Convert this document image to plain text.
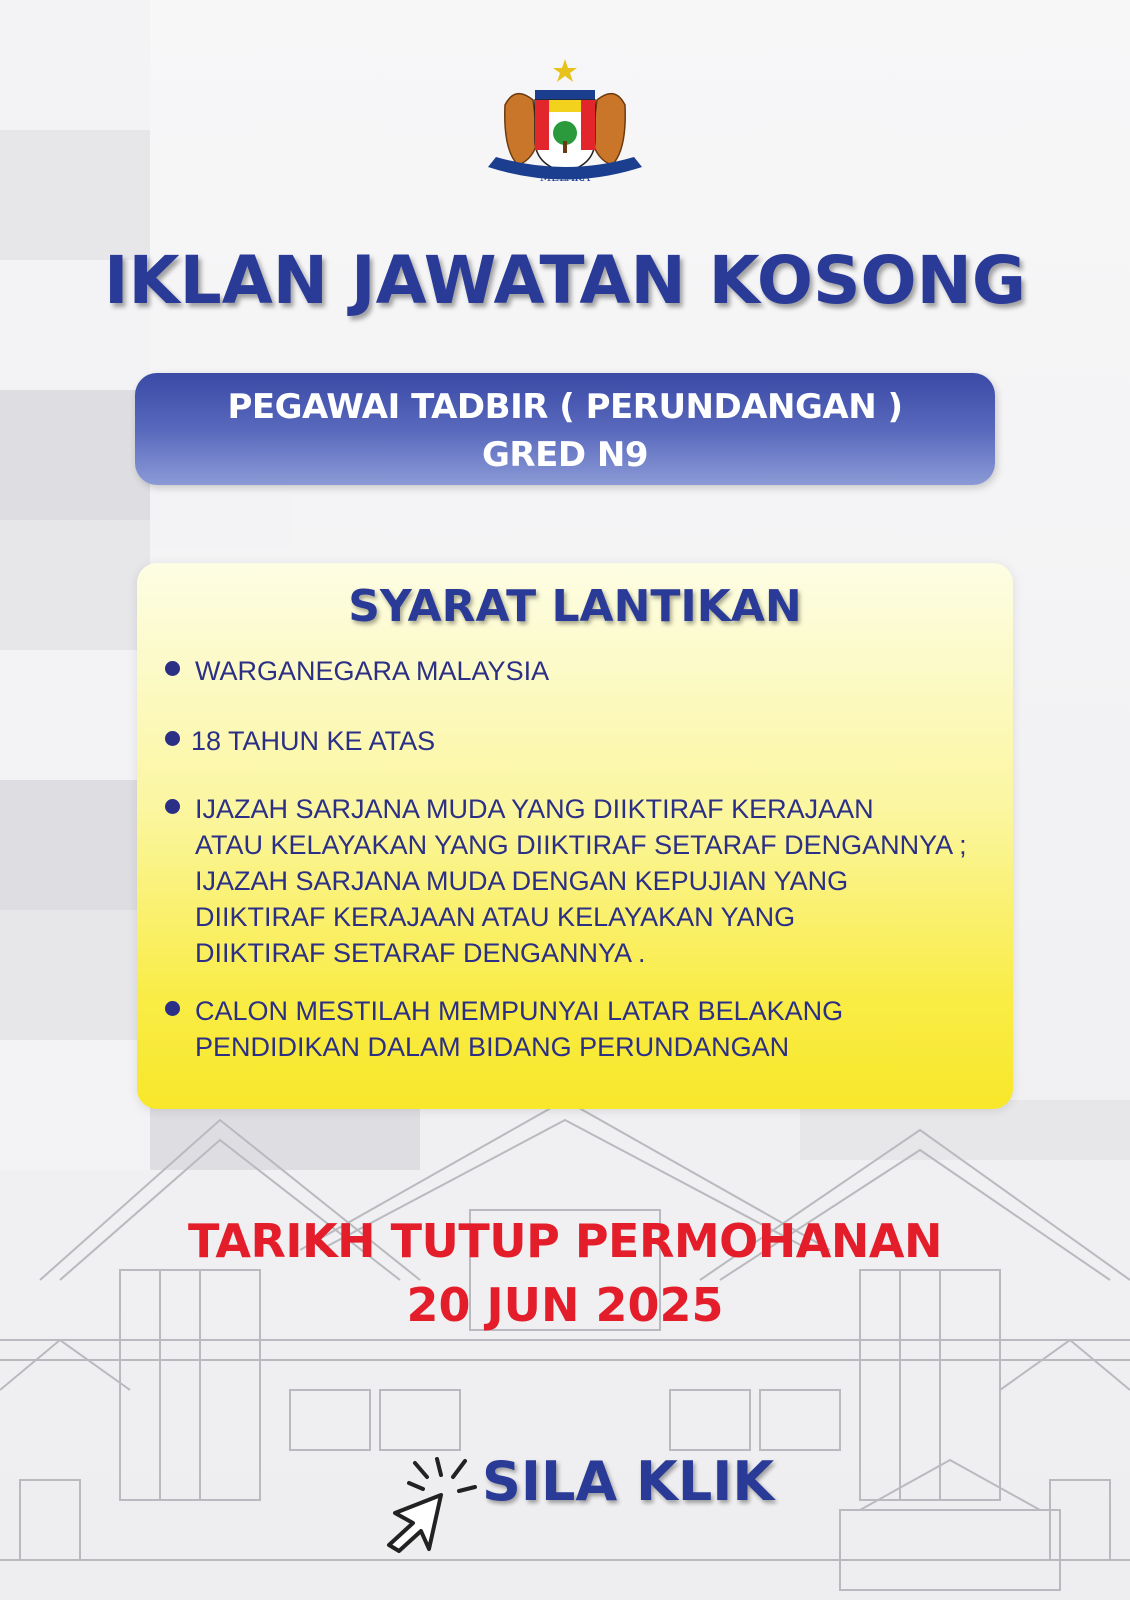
MELAKA
IKLAN JAWATAN KOSONG
PEGAWAI TADBIR ( PERUNDANGAN )
GRED N9
SYARAT LANTIKAN
WARGANEGARA MALAYSIA
18 TAHUN KE ATAS
IJAZAH SARJANA MUDA YANG DIIKTIRAF KERAJAAN
ATAU KELAYAKAN YANG DIIKTIRAF SETARAF DENGANNYA ;
IJAZAH SARJANA MUDA DENGAN KEPUJIAN YANG
DIIKTIRAF KERAJAAN ATAU KELAYAKAN YANG
DIIKTIRAF SETARAF DENGANNYA .
CALON MESTILAH MEMPUNYAI LATAR BELAKANG
PENDIDIKAN DALAM BIDANG PERUNDANGAN
TARIKH TUTUP PERMOHANAN
20 JUN 2025
SILA KLIK
